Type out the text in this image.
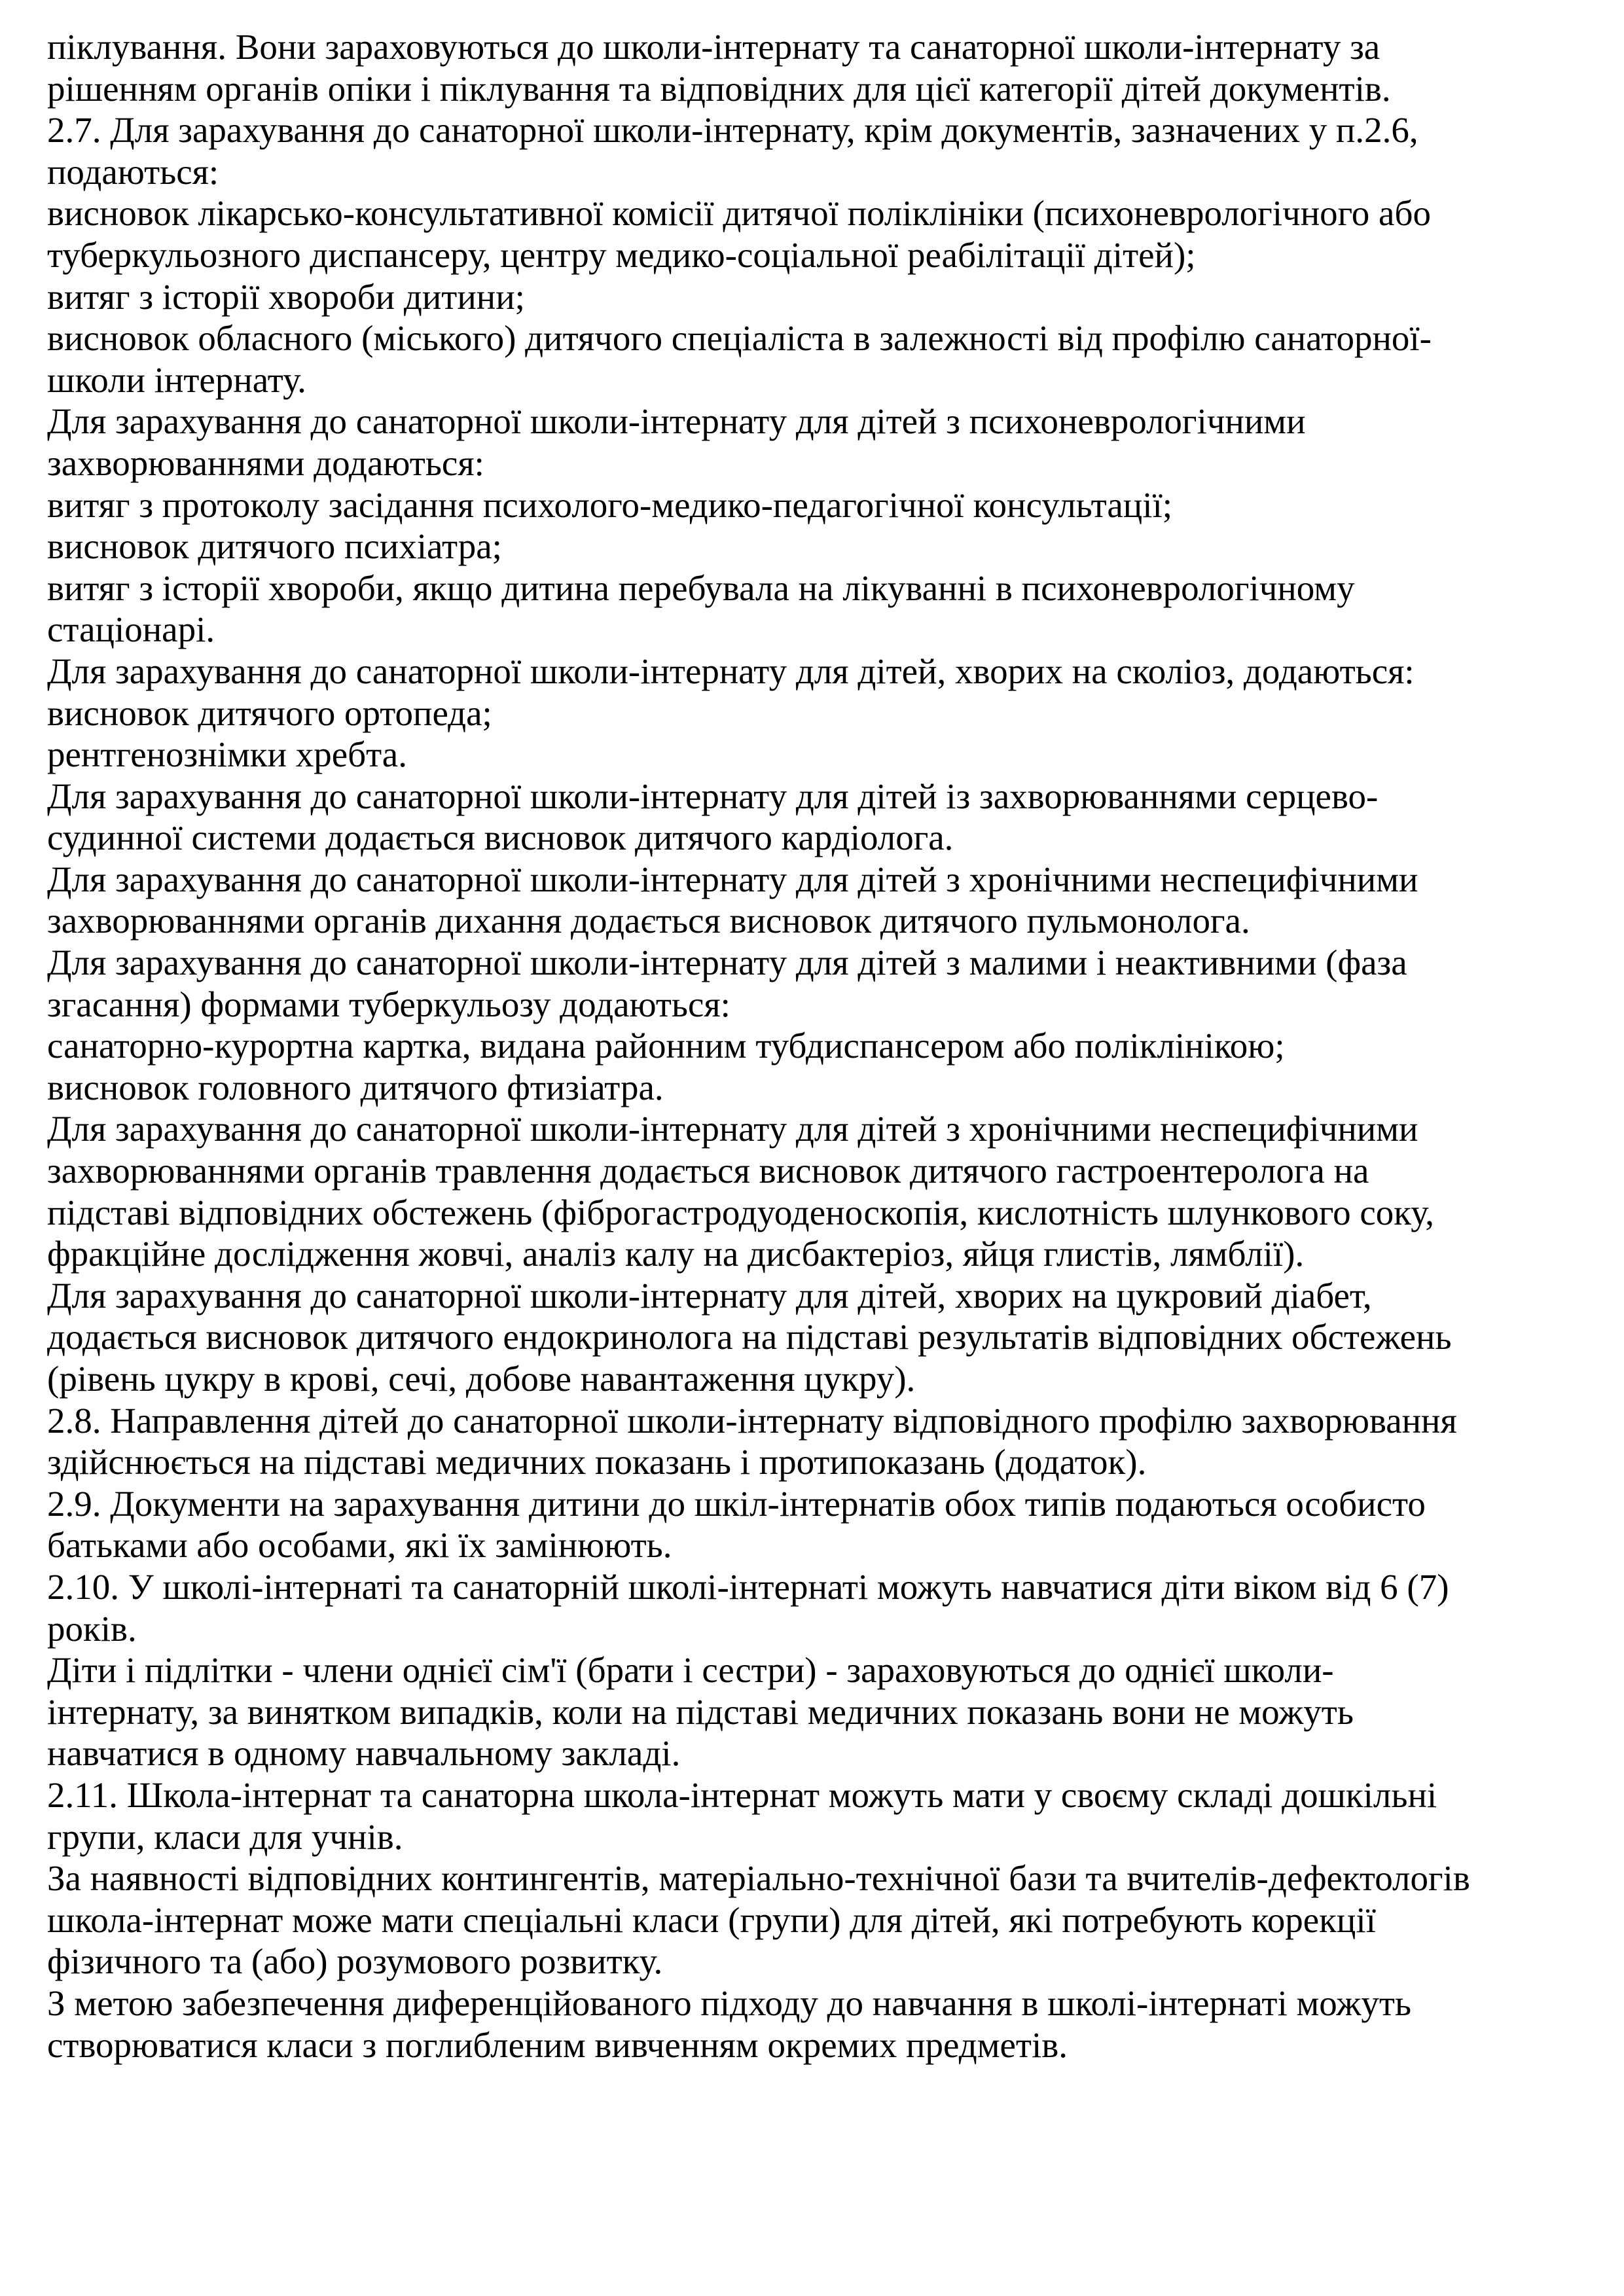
піклування. Вони зараховуються до школи-інтернату та санаторної школи-інтернату за
рішенням органів опіки і піклування та відповідних для цієї категорії дітей документів.
2.7. Для зарахування до санаторної школи-інтернату, крім документів, зазначених у п.2.6,
подаються:
висновок лікарсько-консультативної комісії дитячої поліклініки (психоневрологічного або
туберкульозного диспансеру, центру медико-соціальної реабілітації дітей);
витяг з історії хвороби дитини;
висновок обласного (міського) дитячого спеціаліста в залежності від профілю санаторної-
школи інтернату.
Для зарахування до санаторної школи-інтернату для дітей з психоневрологічними
захворюваннями додаються:
витяг з протоколу засідання психолого-медико-педагогічної консультації;
висновок дитячого психіатра;
витяг з історії хвороби, якщо дитина перебувала на лікуванні в психоневрологічному
стаціонарі.
Для зарахування до санаторної школи-інтернату для дітей, хворих на сколіоз, додаються:
висновок дитячого ортопеда;
рентгенознімки хребта.
Для зарахування до санаторної школи-інтернату для дітей із захворюваннями серцево-
судинної системи додається висновок дитячого кардіолога.
Для зарахування до санаторної школи-інтернату для дітей з хронічними неспецифічними
захворюваннями органів дихання додається висновок дитячого пульмонолога.
Для зарахування до санаторної школи-інтернату для дітей з малими і неактивними (фаза
згасання) формами туберкульозу додаються:
санаторно-курортна картка, видана районним тубдиспансером або поліклінікою;
висновок головного дитячого фтизіатра.
Для зарахування до санаторної школи-інтернату для дітей з хронічними неспецифічними
захворюваннями органів травлення додається висновок дитячого гастроентеролога на
підставі відповідних обстежень (фіброгастродуоденоскопія, кислотність шлункового соку,
фракційне дослідження жовчі, аналіз калу на дисбактеріоз, яйця глистів, лямблії).
Для зарахування до санаторної школи-інтернату для дітей, хворих на цукровий діабет,
додається висновок дитячого ендокринолога на підставі результатів відповідних обстежень
(рівень цукру в крові, сечі, добове навантаження цукру).
2.8. Направлення дітей до санаторної школи-інтернату відповідного профілю захворювання
здійснюється на підставі медичних показань і протипоказань (додаток).
2.9. Документи на зарахування дитини до шкіл-інтернатів обох типів подаються особисто
батьками або особами, які їх замінюють.
2.10. У школі-інтернаті та санаторній школі-інтернаті можуть навчатися діти віком від 6 (7)
років.
Діти і підлітки - члени однієї сім'ї (брати і сестри) - зараховуються до однієї школи-
інтернату, за винятком випадків, коли на підставі медичних показань вони не можуть
навчатися в одному навчальному закладі.
2.11. Школа-інтернат та санаторна школа-інтернат можуть мати у своєму складі дошкільні
групи, класи для учнів.
За наявності відповідних контингентів, матеріально-технічної бази та вчителів-дефектологів
школа-інтернат може мати спеціальні класи (групи) для дітей, які потребують корекції
фізичного та (або) розумового розвитку.
З метою забезпечення диференційованого підходу до навчання в школі-інтернаті можуть
створюватися класи з поглибленим вивченням окремих предметів.
